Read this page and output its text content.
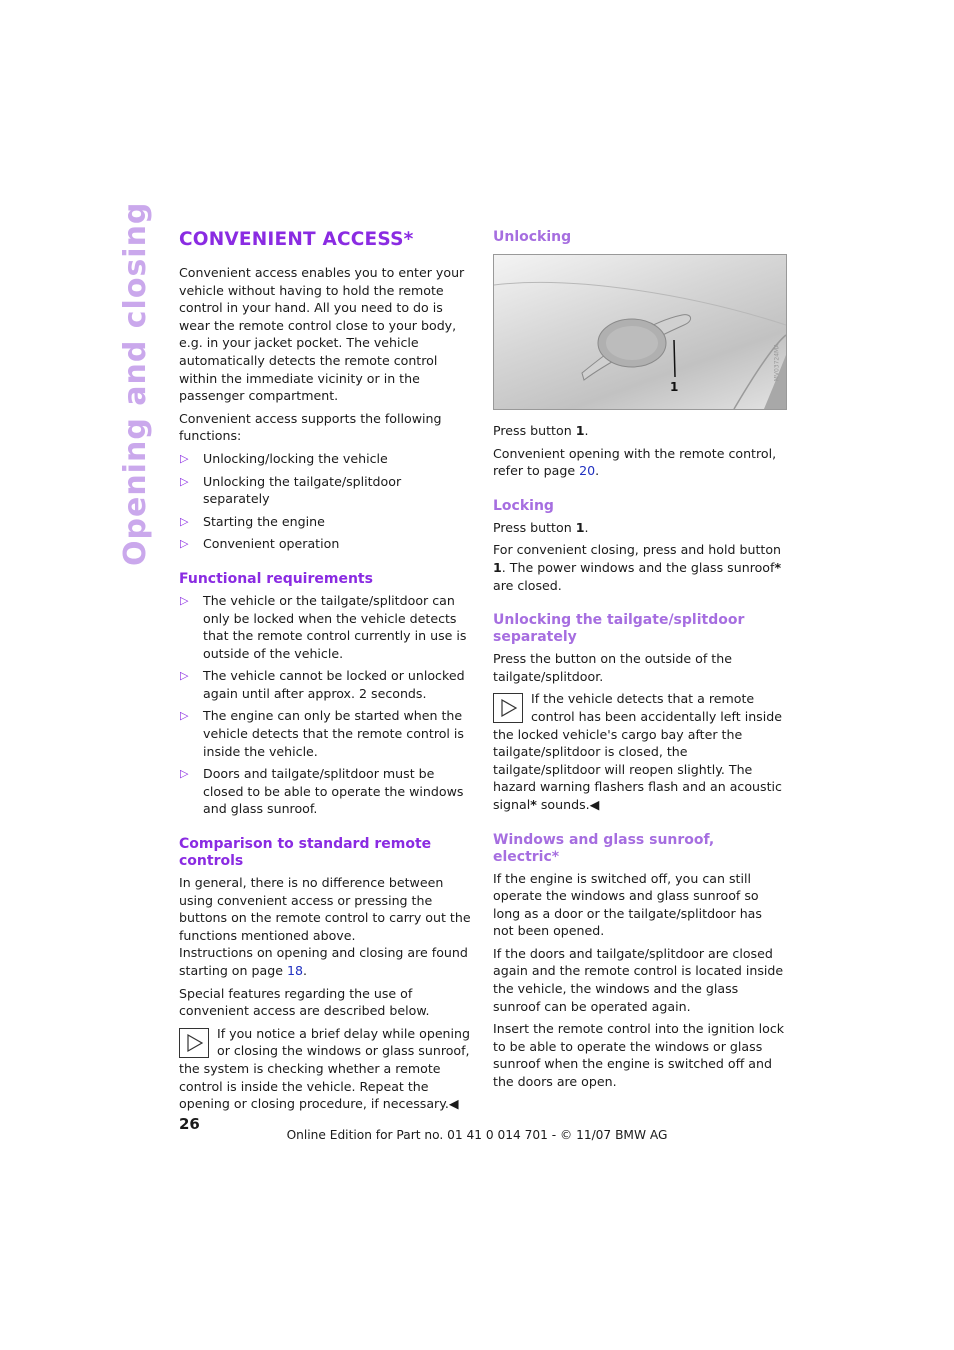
Opening and closing CONVENIENT ACCESS*

Convenient access enables you to enter your vehicle without having to hold the remote control in your hand. All you need to do is wear the remote control close to your body, e.g. in your jacket pocket. The vehicle automatically detects the remote control within the immediate vicinity or in the passenger compartment.

Convenient access supports the following functions:

▷ Unlocking/locking the vehicle
▷ Unlocking the tailgate/splitdoor separately
▷ Starting the engine
▷ Convenient operation
Functional requirements
▷ The vehicle or the tailgate/splitdoor can only be locked when the vehicle detects that the remote control currently in use is outside of the vehicle.
▷ The vehicle cannot be locked or unlocked again until after approx. 2 seconds.
▷ The engine can only be started when the vehicle detects that the remote control is inside the vehicle.
▷ Doors and tailgate/splitdoor must be closed to be able to operate the windows and glass sunroof.
Comparison to standard remote controls

In general, there is no difference between using convenient access or pressing the buttons on the remote control to carry out the functions mentioned above.

Instructions on opening and closing are found starting on page 18.

Special features regarding the use of convenient access are described below.

If you notice a brief delay while opening or closing the windows or glass sunroof, the system is checking whether a remote control is inside the vehicle. Repeat the opening or closing procedure, if necessary.◀

Unlocking
1
MV03724MA

Press button 1.

Convenient opening with the remote control, refer to page 20.

Locking

Press button 1.

For convenient closing, press and hold button 1. The power windows and the glass sunroof* are closed.

Unlocking the tailgate/splitdoor separately

Press the button on the outside of the tailgate/splitdoor.

If the vehicle detects that a remote control has been accidentally left inside the locked vehicle's cargo bay after the tailgate/splitdoor is closed, the tailgate/splitdoor will reopen slightly. The hazard warning flashers flash and an acoustic signal* sounds.◀

Windows and glass sunroof, electric*

If the engine is switched off, you can still operate the windows and glass sunroof so long as a door or the tailgate/splitdoor has not been opened.

If the doors and tailgate/splitdoor are closed again and the remote control is located inside the vehicle, the windows and the glass sunroof can be operated again.

Insert the remote control into the ignition lock to be able to operate the windows or glass sunroof when the engine is switched off and the doors are open.

26
Online Edition for Part no. 01 41 0 014 701 - © 11/07 BMW AG
